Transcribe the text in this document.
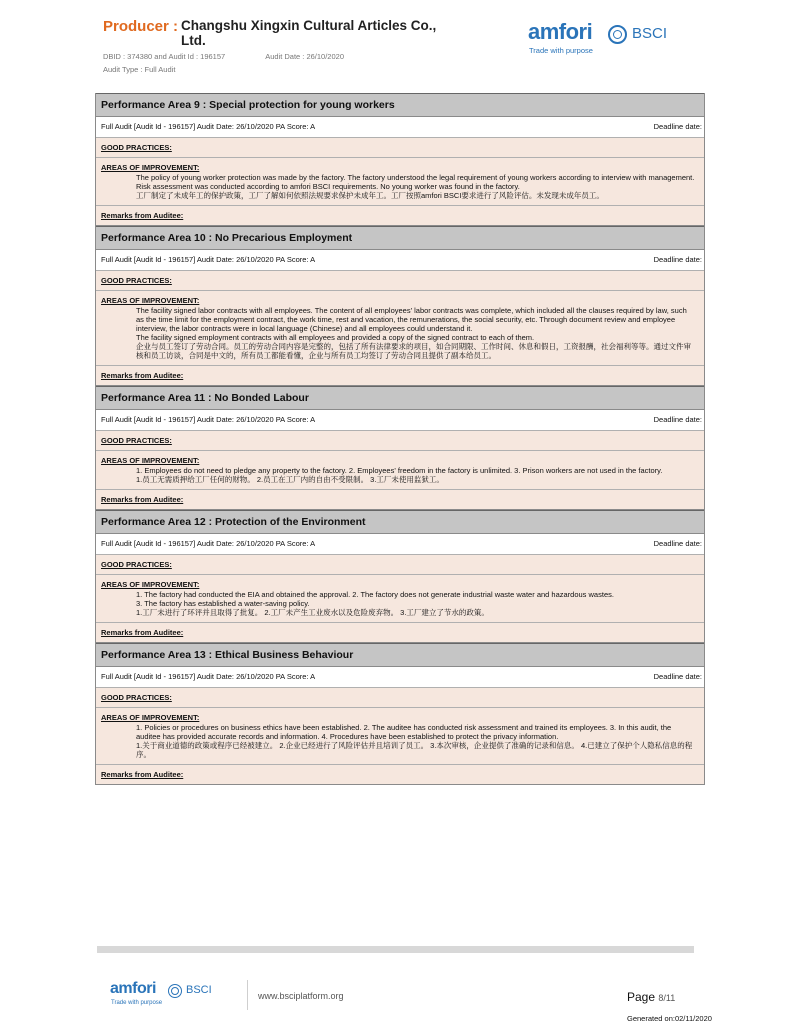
Producer : Changshu Xingxin Cultural Articles Co., Ltd.
DBID : 374380 and Audit Id : 196157	Audit Date : 26/10/2020
Audit Type : Full Audit
amfori	BSCI
Trade with purpose
Performance Area 9 : Special protection for young workers
Full Audit [Audit Id - 196157] Audit Date: 26/10/2020 PA Score: A	Deadline date:
GOOD PRACTICES:
AREAS OF IMPROVEMENT:

The policy of young worker protection was made by the factory. The factory understood the legal requirement of young workers according to interview with management. Risk assessment was conducted according to amfori BSCI requirements. No young worker was found in the factory.

工厂制定了未成年工的保护政策，工厂了解如何依照法规要求保护未成年工。工厂按照amfori BSCI要求进行了风险评估。未发现未成年员工。

Remarks from Auditee:
Performance Area 10 : No Precarious Employment
Full Audit [Audit Id - 196157] Audit Date: 26/10/2020 PA Score: A	Deadline date:
GOOD PRACTICES:
AREAS OF IMPROVEMENT:

The facility signed labor contracts with all employees. The content of all employees' labor contracts was complete, which included all the clauses required by law, such as the time limit for the employment contract, the work time, rest and vacation, the remunerations, the social security, etc. Through document review and employee interview, the labor contracts were in local language (Chinese) and all employees could understand it.

The facility signed employment contracts with all employees and provided a copy of the signed contract to each of them.

企业与员工签订了劳动合同。员工的劳动合同内容是完整的，包括了所有法律要求的项目，如合同期限、工作时间、休息和假日，工资报酬，社会福利等等。通过文件审核和员工访谈，合同是中文的，所有员工都能看懂，企业与所有员工均签订了劳动合同且提供了副本给员工。

Remarks from Auditee:
Performance Area 11 : No Bonded Labour
Full Audit [Audit Id - 196157] Audit Date: 26/10/2020 PA Score: A	Deadline date:
GOOD PRACTICES:
AREAS OF IMPROVEMENT:

1. Employees do not need to pledge any property to the factory. 2. Employees' freedom in the factory is unlimited. 3. Prison workers are not used in the factory.

1.员工无需质押给工厂任何的财物。 2.员工在工厂内的自由不受限制。 3.工厂未使用监狱工。

Remarks from Auditee:
Performance Area 12 : Protection of the Environment
Full Audit [Audit Id - 196157] Audit Date: 26/10/2020 PA Score: A	Deadline date:
GOOD PRACTICES:
AREAS OF IMPROVEMENT:

1. The factory had conducted the EIA and obtained the approval. 2. The factory does not generate industrial waste water and hazardous wastes.

3. The factory has established a water-saving policy.

1.工厂未进行了环评并且取得了批复。 2.工厂未产生工业废水以及危险废弃物。 3.工厂建立了节水的政策。

Remarks from Auditee:
Performance Area 13 : Ethical Business Behaviour
Full Audit [Audit Id - 196157] Audit Date: 26/10/2020 PA Score: A	Deadline date:
GOOD PRACTICES:
AREAS OF IMPROVEMENT:

1. Policies or procedures on business ethics have been established. 2. The auditee has conducted risk assessment and trained its employees. 3. In this audit, the auditee has provided accurate records and information. 4. Procedures have been established to protect the privacy information.

1.关于商业道德的政策或程序已经被建立。 2.企业已经进行了风险评估并且培训了员工。 3.本次审核，企业提供了准确的记录和信息。 4.已建立了保护个人隐私信息的程序。

Remarks from Auditee:
amfori	BSCI
Trade with purpose
www.bsciplatform.org	Page 8/11
Generated on:02/11/2020
